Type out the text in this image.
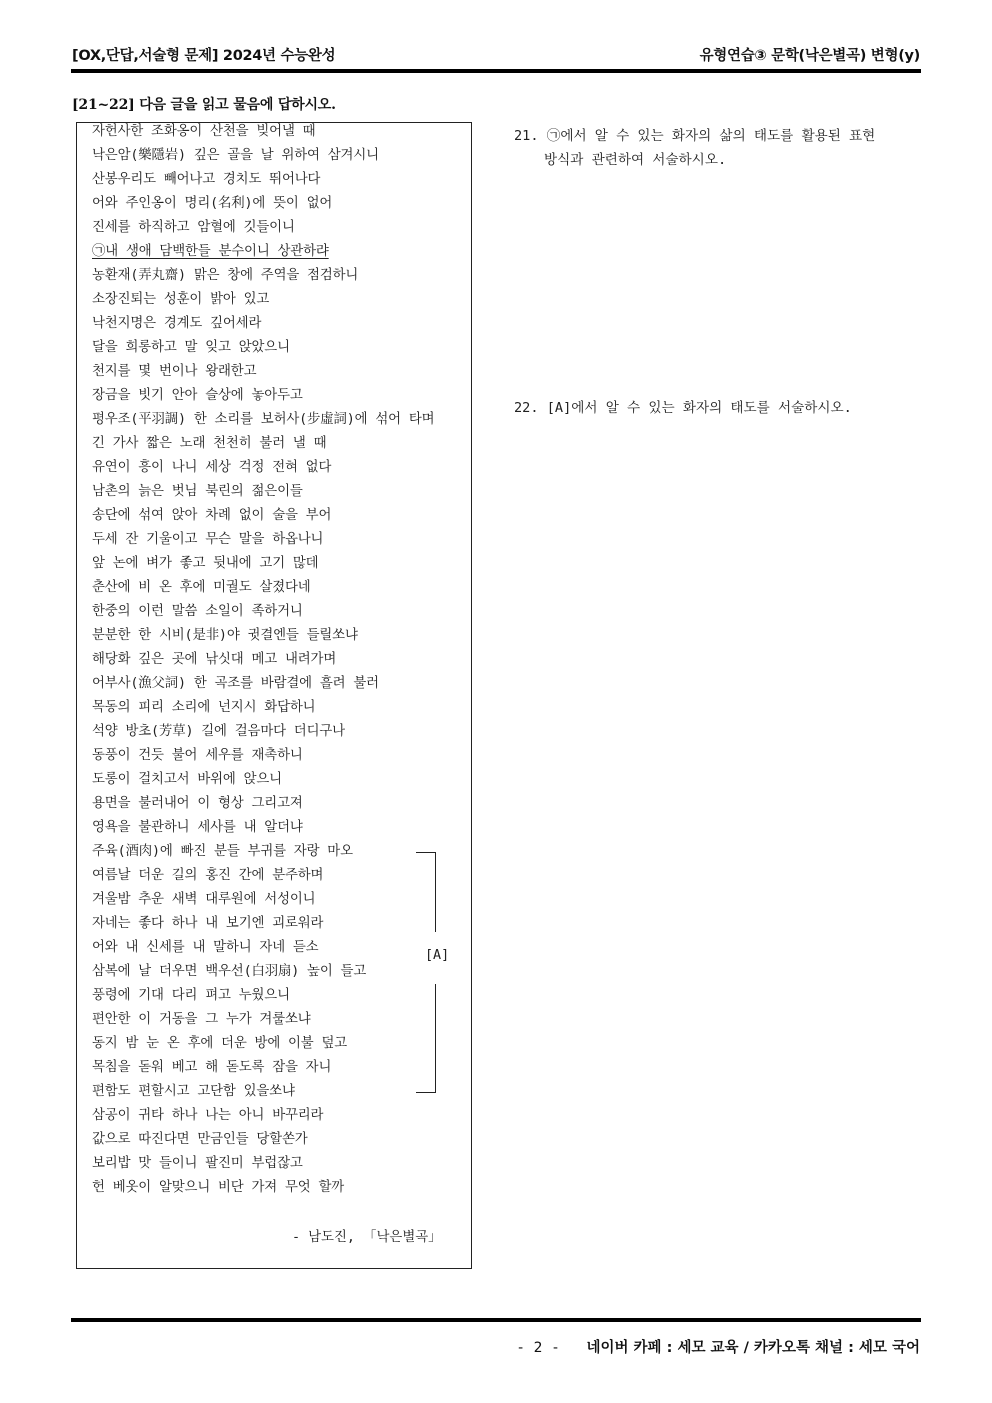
[OX,단답,서술형 문제] 2024년 수능완성	유형연습③ 문학(낙은별곡) 변형(y)
[21~22] 다음 글을 읽고 물음에 답하시오.
자헌사한 조화옹이 산천을 빚어낼 때
낙은암(樂隱岩) 깊은 골을 날 위하여 삼겨시니
산봉우리도 빼어나고 경치도 뛰어나다
어와 주인옹이 명리(名利)에 뜻이 없어
진세를 하직하고 암혈에 깃들이니
㉠내 생애 담백한들 분수이니 상관하랴
농환재(弄丸齋) 맑은 창에 주역을 점검하니
소장진퇴는 성훈이 밝아 있고
낙천지명은 경계도 깊어세라
달을 희롱하고 말 잊고 앉았으니
천지를 몇 번이나 왕래한고
장금을 빗기 안아 슬상에 놓아두고
평우조(平羽調) 한 소리를 보허사(步虛詞)에 섞어 타며
긴 가사 짧은 노래 천천히 불러 낼 때
유연이 흥이 나니 세상 걱정 전혀 없다
남촌의 늙은 벗님 북린의 젊은이들
송단에 섞여 앉아 차례 없이 술을 부어
두세 잔 기울이고 무슨 말을 하옵나니
앞 논에 벼가 좋고 뒷내에 고기 많데
춘산에 비 온 후에 미궐도 살졌다네
한중의 이런 말씀 소일이 족하거니
분분한 한 시비(是非)야 귓결엔들 들릴쏘냐
해당화 깊은 곳에 낚싯대 메고 내려가며
어부사(漁父詞) 한 곡조를 바람결에 흘려 불러
목동의 피리 소리에 넌지시 화답하니
석양 방초(芳草) 길에 걸음마다 더디구나
동풍이 건듯 불어 세우를 재촉하니
도롱이 걸치고서 바위에 앉으니
용면을 불러내어 이 형상 그리고져
영욕을 불관하니 세사를 내 알더냐
주육(酒肉)에 빠진 분들 부귀를 자랑 마오
여름날 더운 길의 홍진 간에 분주하며
겨울밤 추운 새벽 대루원에 서성이니
자네는 좋다 하나 내 보기엔 괴로워라
어와 내 신세를 내 말하니 자네 듣소
삼복에 날 더우면 백우선(白羽扇) 높이 들고
풍령에 기대 다리 펴고 누웠으니
편안한 이 거동을 그 누가 겨룰쏘냐
동지 밤 눈 온 후에 더운 방에 이불 덮고
목침을 돋워 베고 해 돋도록 잠을 자니
편함도 편할시고 고단함 있을쏘냐
삼공이 귀타 하나 나는 아니 바꾸리라
값으로 따진다면 만금인들 당할쏜가
보리밥 맛 들이니 팔진미 부럽잖고
헌 베옷이 알맞으니 비단 가져 무엇 할까
[A]
- 남도진, 「낙은별곡」
21. ㉠에서 알 수 있는 화자의 삶의 태도를 활용된 표현
방식과 관련하여 서술하시오.
22. [A]에서 알 수 있는 화자의 태도를 서술하시오.
- 2 - 네이버 카페 : 세모 교육 / 카카오톡 채널 : 세모 국어
